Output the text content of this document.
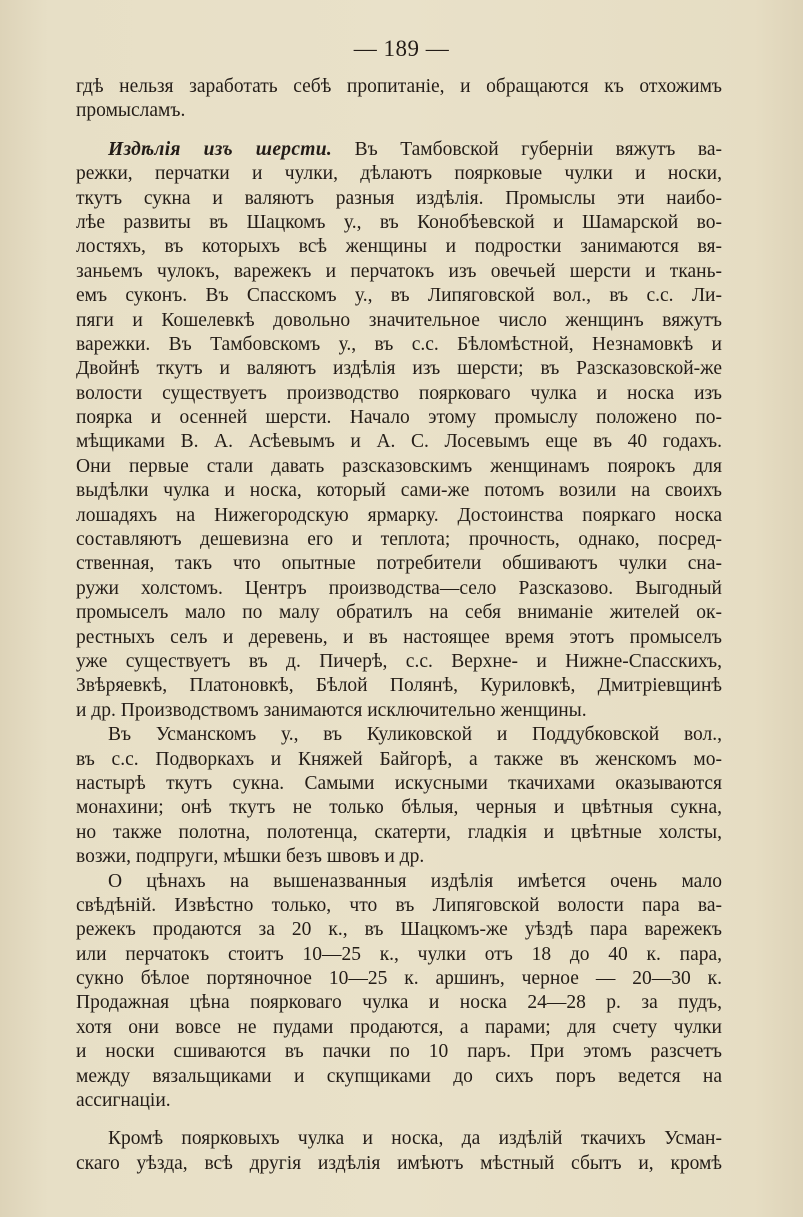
— 189 —
гдѣ нельзя заработать себѣ пропитаніе, и обращаются къ отхожимъ
промысламъ.
Издѣлія изъ шерсти. Въ Тамбовской губерніи вяжутъ ва-
режки, перчатки и чулки, дѣлаютъ поярковые чулки и носки,
ткутъ сукна и валяютъ разныя издѣлія. Промыслы эти наибо-
лѣе развиты въ Шацкомъ у., въ Конобѣевской и Шамарской во-
лостяхъ, въ которыхъ всѣ женщины и подростки занимаются вя-
заньемъ чулокъ, варежекъ и перчатокъ изъ овечьей шерсти и ткань-
емъ суконъ. Въ Спасскомъ у., въ Липяговской вол., въ с.с. Ли-
пяги и Кошелевкѣ довольно значительное число женщинъ вяжутъ
варежки. Въ Тамбовскомъ у., въ с.с. Бѣломѣстной, Незнамовкѣ и
Двойнѣ ткутъ и валяютъ издѣлія изъ шерсти; въ Разсказовской-же
волости существуетъ производство поярковаго чулка и носка изъ
поярка и осенней шерсти. Начало этому промыслу положено по-
мѣщиками В. А. Асѣевымъ и А. С. Лосевымъ еще въ 40 годахъ.
Они первые стали давать разсказовскимъ женщинамъ поярокъ для
выдѣлки чулка и носка, который сами-же потомъ возили на своихъ
лошадяхъ на Нижегородскую ярмарку. Достоинства пояркаго носка
составляютъ дешевизна его и теплота; прочность, однако, посред-
ственная, такъ что опытные потребители обшиваютъ чулки сна-
ружи холстомъ. Центръ производства—село Разсказово. Выгодный
промыселъ мало по малу обратилъ на себя вниманіе жителей ок-
рестныхъ селъ и деревень, и въ настоящее время этотъ промыселъ
уже существуетъ въ д. Пичерѣ, с.с. Верхне- и Нижне-Спасскихъ,
Звѣряевкѣ, Платоновкѣ, Бѣлой Полянѣ, Куриловкѣ, Дмитріевщинѣ
и др. Производствомъ занимаются исключительно женщины.
Въ Усманскомъ у., въ Куликовской и Поддубковской вол.,
въ с.с. Подворкахъ и Княжей Байгорѣ, а также въ женскомъ мо-
настырѣ ткутъ сукна. Самыми искусными ткачихами оказываются
монахини; онѣ ткутъ не только бѣлыя, черныя и цвѣтныя сукна,
но также полотна, полотенца, скатерти, гладкія и цвѣтные холсты,
возжи, подпруги, мѣшки безъ швовъ и др.
О цѣнахъ на вышеназванныя издѣлія имѣется очень мало
свѣдѣній. Извѣстно только, что въ Липяговской волости пара ва-
режекъ продаются за 20 к., въ Шацкомъ-же уѣздѣ пара варежекъ
или перчатокъ стоитъ 10—25 к., чулки отъ 18 до 40 к. пара,
сукно бѣлое портяночное 10—25 к. аршинъ, черное — 20—30 к.
Продажная цѣна поярковаго чулка и носка 24—28 р. за пудъ,
хотя они вовсе не пудами продаются, а парами; для счету чулки
и носки сшиваются въ пачки по 10 паръ. При этомъ разсчетъ
между вязальщиками и скупщиками до сихъ поръ ведется на
ассигнаціи.
Кромѣ поярковыхъ чулка и носка, да издѣлій ткачихъ Усман-
скаго уѣзда, всѣ другія издѣлія имѣютъ мѣстный сбытъ и, кромѣ
